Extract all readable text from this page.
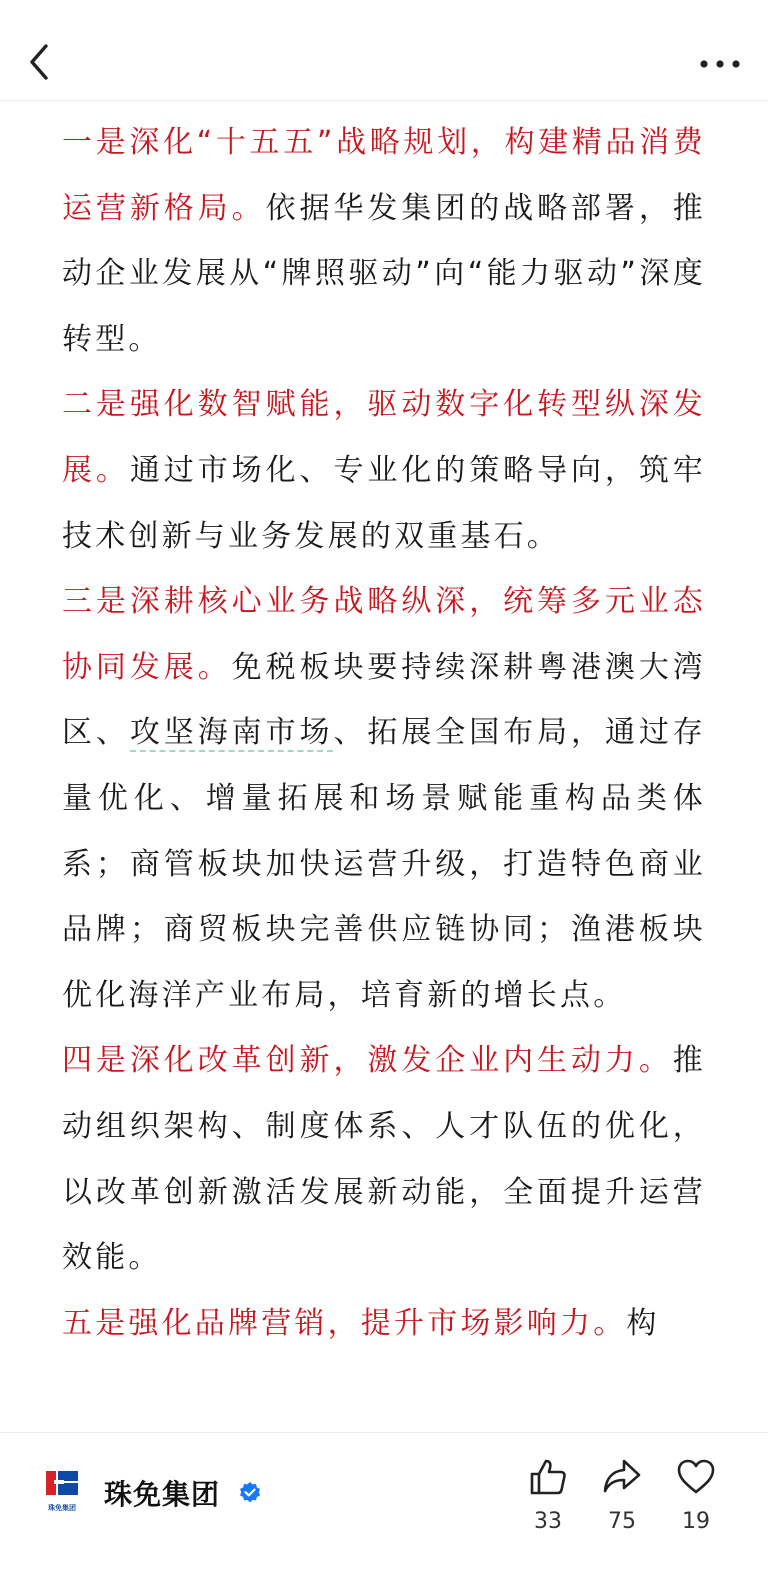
一是深化“十五五”战略规划，构建精品消费运营新格局。依据华发集团的战略部署，推动企业发展从“牌照驱动”向“能力驱动”深度转型。

二是强化数智赋能，驱动数字化转型纵深发展。通过市场化、专业化的策略导向，筑牢技术创新与业务发展的双重基石。

三是深耕核心业务战略纵深，统筹多元业态协同发展。免税板块要持续深耕粤港澳大湾区、攻坚海南市场、拓展全国布局，通过存量优化、增量拓展和场景赋能重构品类体系；商管板块加快运营升级，打造特色商业品牌；商贸板块完善供应链协同；渔港板块优化海洋产业布局，培育新的增长点。

四是深化改革创新，激发企业内生动力。推动组织架构、制度体系、人才队伍的优化，以改革创新激活发展新动能，全面提升运营效能。

五是强化品牌营销，提升市场影响力。构

珠免集团 珠免集团
33	75	19
